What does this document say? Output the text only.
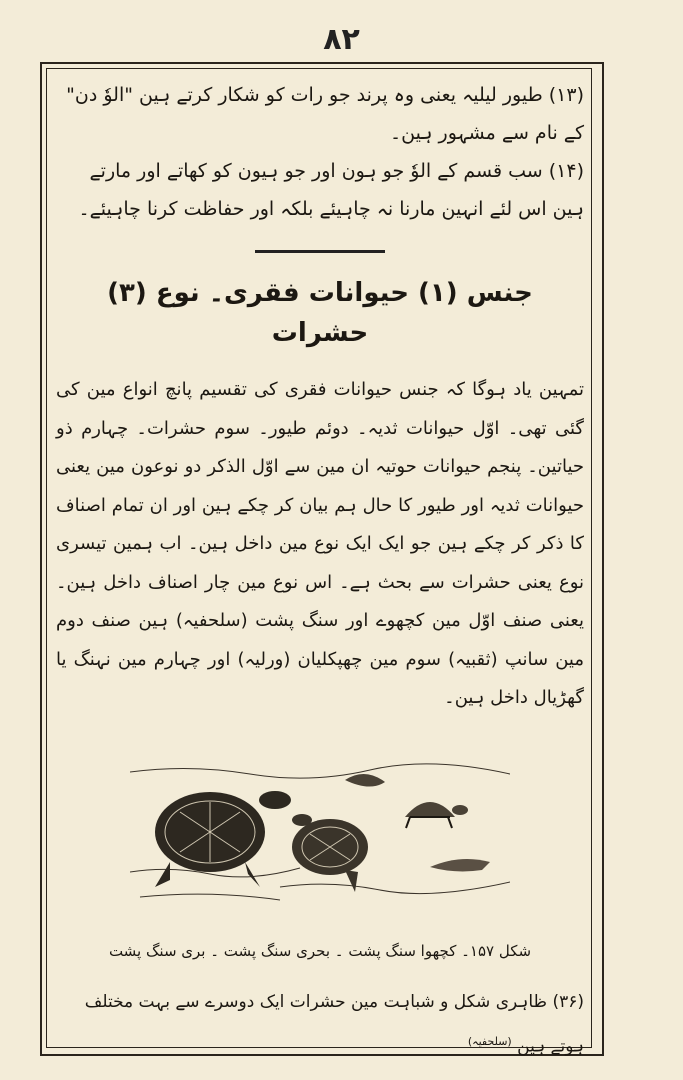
۸۲

(۱۳) طیور لیلیہ یعنی وہ پرند جو رات کو شکار کرتے ہین "الوٗ دن" کے نام سے مشہور ہین۔

(۱۴) سب قسم کے الوٗ جو ہون اور جو ہیون کو کھاتے اور مارتے ہین اس لئے انہین مارنا نہ چاہیئے بلکہ اور حفاظت کرنا چاہیئے۔

جنس (۱) حیوانات فقری۔ نوع (۳) حشرات

تمہین یاد ہوگا کہ جنس حیوانات فقری کی تقسیم پانچ انواع مین کی گئی تھی۔ اوّل حیوانات ثدیہ۔ دوئم طیور۔ سوم حشرات۔ چہارم ذو حیاتین۔ پنجم حیوانات حوتیہ ان مین سے اوّل الذکر دو نوعون مین یعنی حیوانات ثدیہ اور طیور کا حال ہم بیان کر چکے ہین اور ان تمام اصناف کا ذکر کر چکے ہین جو ایک ایک نوع مین داخل ہین۔ اب ہمین تیسری نوع یعنی حشرات سے بحث ہے۔ اس نوع مین چار اصناف داخل ہین۔ یعنی صنف اوّل مین کچھوے اور سنگ پشت (سلحفیہ) ہین صنف دوم مین سانپ (ثقبیہ) سوم مین چھپکلیان (ورلیہ) اور چہارم مین نہنگ یا گھڑیال داخل ہین۔

شکل ۱۵۷۔ کچھوا سنگ پشت ۔ بحری سنگ پشت ۔ بری سنگ پشت
(۳۶) ظاہری شکل و شباہت مین حشرات ایک دوسرے سے بہت مختلف ہوتے ہین $^{(سلحفیہ)}$
